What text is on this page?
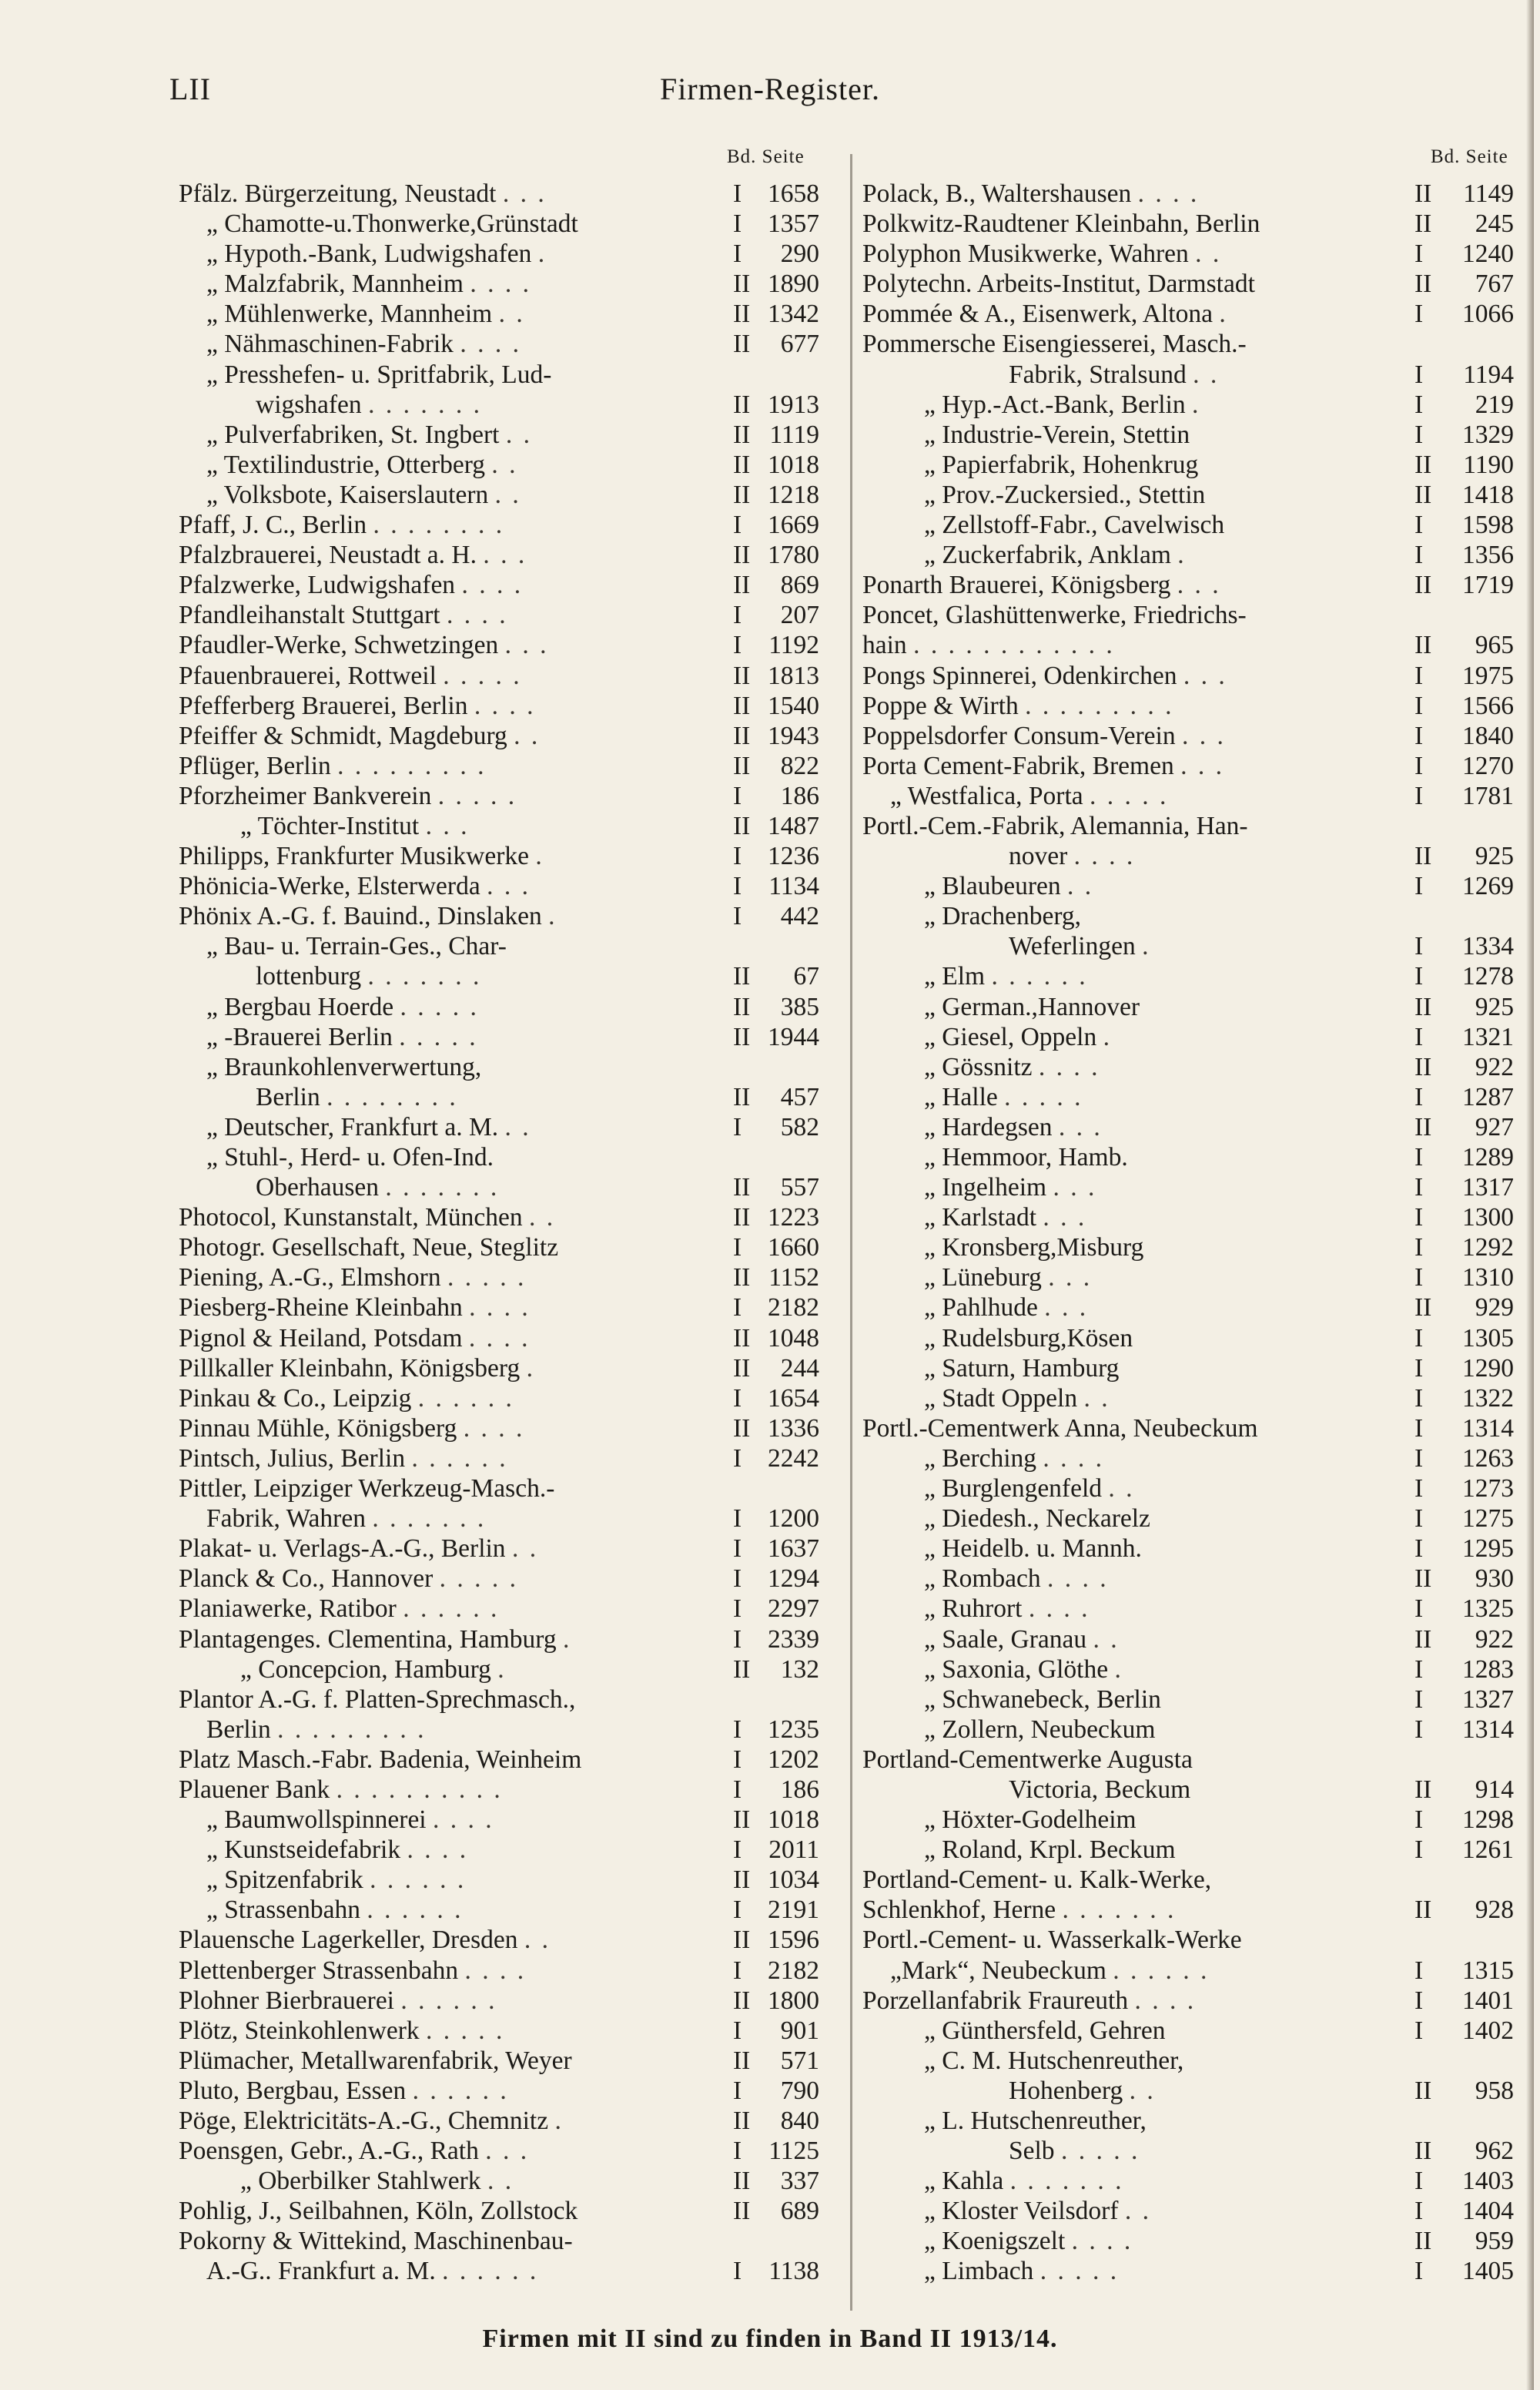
LII	Firmen-Register.
Bd. Seite	Bd. Seite
Pfälz. Bürgerzeitung, Neustadt . . .	I	1658
„ Chamotte-u.Thonwerke,Grünstadt	I	1357
„ Hypoth.-Bank, Ludwigshafen .	I	290
„ Malzfabrik, Mannheim . . . .	II 1890
„ Mühlenwerke, Mannheim . .	II 1342
„ Nähmaschinen-Fabrik . . . .	II	677
„ Presshefen- u. Spritfabrik, Lud-
wigshafen . . . . . . .	II 1913
„ Pulverfabriken, St. Ingbert . .	II 1119
„ Textilindustrie, Otterberg . .	II 1018
„ Volksbote, Kaiserslautern . .	II 1218
Pfaff, J. C., Berlin . . . . . . . .	I	1669
Pfalzbrauerei, Neustadt a. H. . . .	II 1780
Pfalzwerke, Ludwigshafen . . . .	II	869
Pfandleihanstalt Stuttgart . . . .	I	207
Pfaudler-Werke, Schwetzingen . . .	I	1192
Pfauenbrauerei, Rottweil . . . . .	II 1813
Pfefferberg Brauerei, Berlin . . . .	II 1540
Pfeiffer & Schmidt, Magdeburg . .	II 1943
Pflüger, Berlin . . . . . . . . .	II	822
Pforzheimer Bankverein . . . . .	I	186
„ Töchter-Institut . . .	II 1487
Philipps, Frankfurter Musikwerke .	I	1236
Phönicia-Werke, Elsterwerda . . .	I	1134
Phönix A.-G. f. Bauind., Dinslaken .	I	442
„ Bau- u. Terrain-Ges., Char-
lottenburg . . . . . . .	II	67
„ Bergbau Hoerde . . . . .	II	385
„ -Brauerei Berlin . . . . .	II 1944
„ Braunkohlenverwertung,
Berlin . . . . . . . .	II	457
„ Deutscher, Frankfurt a. M. . .	I	582
„ Stuhl-, Herd- u. Ofen-Ind.
Oberhausen . . . . . . .	II	557
Photocol, Kunstanstalt, München . .	II 1223
Photogr. Gesellschaft, Neue, Steglitz	I	1660
Piening, A.-G., Elmshorn . . . . .	II 1152
Piesberg-Rheine Kleinbahn . . . .	I	2182
Pignol & Heiland, Potsdam . . . .	II 1048
Pillkaller Kleinbahn, Königsberg .	II	244
Pinkau & Co., Leipzig . . . . . .	I	1654
Pinnau Mühle, Königsberg . . . .	II 1336
Pintsch, Julius, Berlin . . . . . .	I	2242
Pittler, Leipziger Werkzeug-Masch.-
Fabrik, Wahren . . . . . . .	I	1200
Plakat- u. Verlags-A.-G., Berlin . .	I	1637
Planck & Co., Hannover . . . . .	I	1294
Planiawerke, Ratibor . . . . . .	I	2297
Plantagenges. Clementina, Hamburg .	I	2339
„ Concepcion, Hamburg .	II	132
Plantor A.-G. f. Platten-Sprechmasch.,
Berlin . . . . . . . . .	I	1235
Platz Masch.-Fabr. Badenia, Weinheim	I	1202
Plauener Bank . . . . . . . . . .	I	186
„ Baumwollspinnerei . . . .	II 1018
„ Kunstseidefabrik . . . .	I	2011
„ Spitzenfabrik . . . . . .	II 1034
„ Strassenbahn . . . . . .	I	2191
Plauensche Lagerkeller, Dresden . .	II 1596
Plettenberger Strassenbahn . . . .	I	2182
Plohner Bierbrauerei . . . . . .	II 1800
Plötz, Steinkohlenwerk . . . . .	I	901
Plümacher, Metallwarenfabrik, Weyer	II	571
Pluto, Bergbau, Essen . . . . . .	I	790
Pöge, Elektricitäts-A.-G., Chemnitz .	II	840
Poensgen, Gebr., A.-G., Rath . . .	I	1125
„ Oberbilker Stahlwerk . .	II	337
Pohlig, J., Seilbahnen, Köln, Zollstock	II	689
Pokorny & Wittekind, Maschinenbau-
A.-G.. Frankfurt a. M. . . . . . .	I	1138
Polack, B., Waltershausen . . . .	II	1149
Polkwitz-Raudtener Kleinbahn, Berlin	II	245
Polyphon Musikwerke, Wahren . .	I	1240
Polytechn. Arbeits-Institut, Darmstadt	II	767
Pommée & A., Eisenwerk, Altona .	I	1066
Pommersche Eisengiesserei, Masch.-
Fabrik, Stralsund . .	I	1194
„ Hyp.-Act.-Bank, Berlin .	I	219
„ Industrie-Verein, Stettin	I	1329
„ Papierfabrik, Hohenkrug	II	1190
„ Prov.-Zuckersied., Stettin	II	1418
„ Zellstoff-Fabr., Cavelwisch	I	1598
„ Zuckerfabrik, Anklam .	I	1356
Ponarth Brauerei, Königsberg . . .	II	1719
Poncet, Glashüttenwerke, Friedrichs-
hain . . . . . . . . . . . .	II	965
Pongs Spinnerei, Odenkirchen . . .	I	1975
Poppe & Wirth . . . . . . . . .	I	1566
Poppelsdorfer Consum-Verein . . .	I	1840
Porta Cement-Fabrik, Bremen . . .	I	1270
„ Westfalica, Porta . . . . .	I	1781
Portl.-Cem.-Fabrik, Alemannia, Han-
nover . . . .	II	925
„ Blaubeuren . .	I	1269
„ Drachenberg,
Weferlingen .	I	1334
„ Elm . . . . . .	I	1278
„ German.,Hannover	II	925
„ Giesel, Oppeln .	I	1321
„ Gössnitz . . . .	II	922
„ Halle . . . . .	I	1287
„ Hardegsen . . .	II	927
„ Hemmoor, Hamb.	I	1289
„ Ingelheim . . .	I	1317
„ Karlstadt . . .	I	1300
„ Kronsberg,Misburg	I	1292
„ Lüneburg . . .	I	1310
„ Pahlhude . . .	II	929
„ Rudelsburg,Kösen	I	1305
„ Saturn, Hamburg	I	1290
„ Stadt Oppeln . .	I	1322
Portl.-Cementwerk Anna, Neubeckum	I	1314
„ Berching . . . .	I	1263
„ Burglengenfeld . .	I	1273
„ Diedesh., Neckarelz	I	1275
„ Heidelb. u. Mannh.	I	1295
„ Rombach . . . .	II	930
„ Ruhrort . . . .	I	1325
„ Saale, Granau . .	II	922
„ Saxonia, Glöthe .	I	1283
„ Schwanebeck, Berlin	I	1327
„ Zollern, Neubeckum	I	1314
Portland-Cementwerke Augusta
Victoria, Beckum	II	914
„ Höxter-Godelheim	I	1298
„ Roland, Krpl. Beckum	I	1261
Portland-Cement- u. Kalk-Werke,
Schlenkhof, Herne . . . . . . .	II	928
Portl.-Cement- u. Wasserkalk-Werke
„Mark“, Neubeckum . . . . . .	I	1315
Porzellanfabrik Fraureuth . . . .	I	1401
„ Günthersfeld, Gehren	I	1402
„ C. M. Hutschenreuther,
Hohenberg . .	II	958
„ L. Hutschenreuther,
Selb . . . . .	II	962
„ Kahla . . . . . . .	I	1403
„ Kloster Veilsdorf . .	I	1404
„ Koenigszelt . . . .	II	959
„ Limbach . . . . .	I	1405
Firmen mit II sind zu finden in Band II 1913/14.
